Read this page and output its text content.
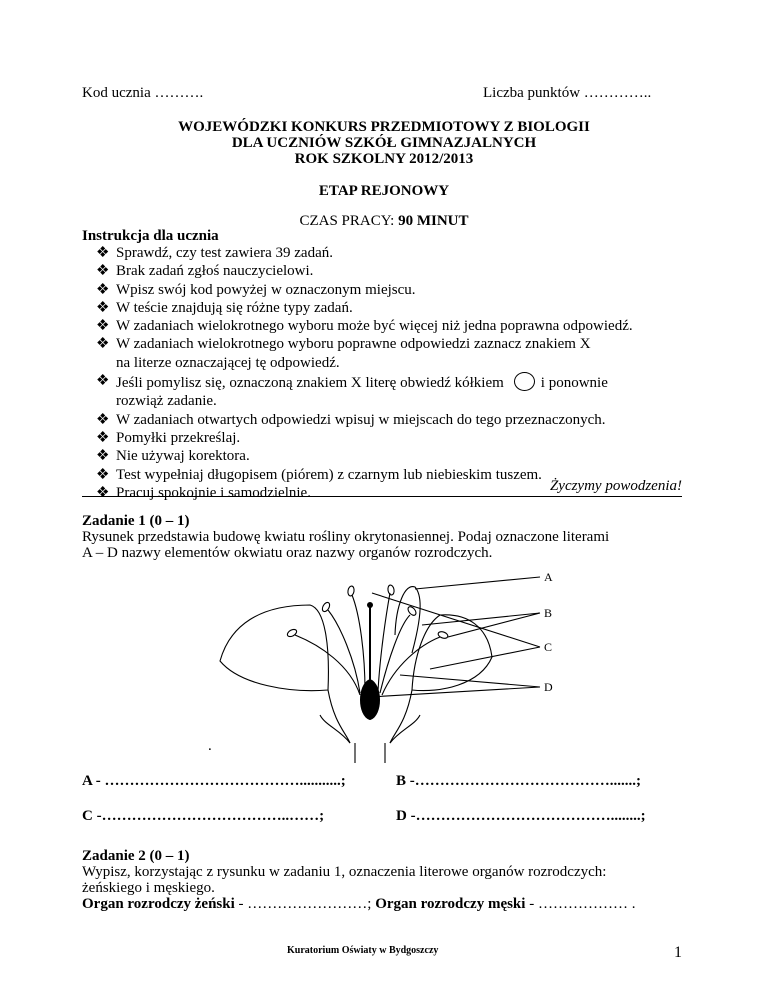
Kod ucznia ……….	Liczba punktów …………..
WOJEWÓDZKI KONKURS PRZEDMIOTOWY Z BIOLOGII
DLA UCZNIÓW SZKÓŁ GIMNAZJALNYCH
ROK SZKOLNY 2012/2013
ETAP REJONOWY
CZAS PRACY: 90 MINUT
Instrukcja dla ucznia
❖ Sprawdź, czy test zawiera 39 zadań.
❖ Brak zadań zgłoś nauczycielowi.
❖ Wpisz swój kod powyżej w oznaczonym miejscu.
❖ W teście znajdują się różne typy zadań.
❖ W zadaniach wielokrotnego wyboru może być więcej niż jedna poprawna odpowiedź.
❖ W zadaniach wielokrotnego wyboru poprawne odpowiedzi zaznacz znakiem X
na literze oznaczającej tę odpowiedź.
❖ Jeśli pomylisz się, oznaczoną znakiem X literę obwiedź kółkiem i ponownie
rozwiąż zadanie.
❖ W zadaniach otwartych odpowiedzi wpisuj w miejscach do tego przeznaczonych.
❖ Pomyłki przekreślaj.
❖ Nie używaj korektora.
❖ Test wypełniaj długopisem (piórem) z czarnym lub niebieskim tuszem.
❖ Pracuj spokojnie i samodzielnie.	Życzymy powodzenia!
Zadanie 1 (0 – 1)
Rysunek przedstawia budowę kwiatu rośliny okrytonasiennej. Podaj oznaczone literami
A – D nazwy elementów okwiatu oraz nazwy organów rozrodczych.
A
B
C
D
.
A - …………………………………...........;	B -………………………………….......;
C -………………………………..……;	D -…………………………………........;
Zadanie 2 (0 – 1)
Wypisz, korzystając z rysunku w zadaniu 1, oznaczenia literowe organów rozrodczych:
żeńskiego i męskiego.
Organ rozrodczy żeński - ……………………; Organ rozrodczy męski - ……………… .
Kuratorium Oświaty w Bydgoszczy	1
